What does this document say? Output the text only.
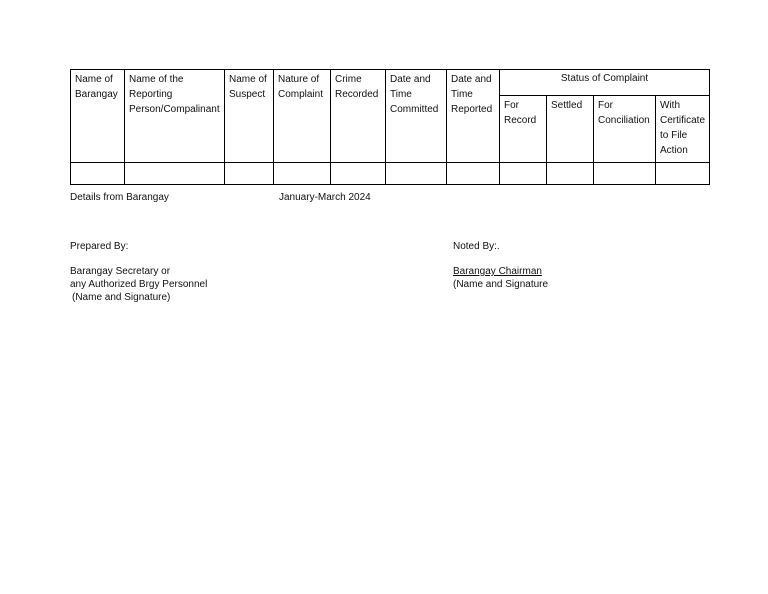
Name of Barangay	Name of the Reporting Person/Compalinant	Name of Suspect	Nature of Complaint	Crime Recorded	Date and Time Committed	Date and Time Reported	Status of Complaint			
							For Record	Settled	For Conciliation	With Certificate to File Action

Details from Barangay	January-March 2024
Prepared By:
Barangay Secretary or
any Authorized Brgy Personnel
(Name and Signature)
Noted By:.
Barangay Chairman
(Name and Signature
